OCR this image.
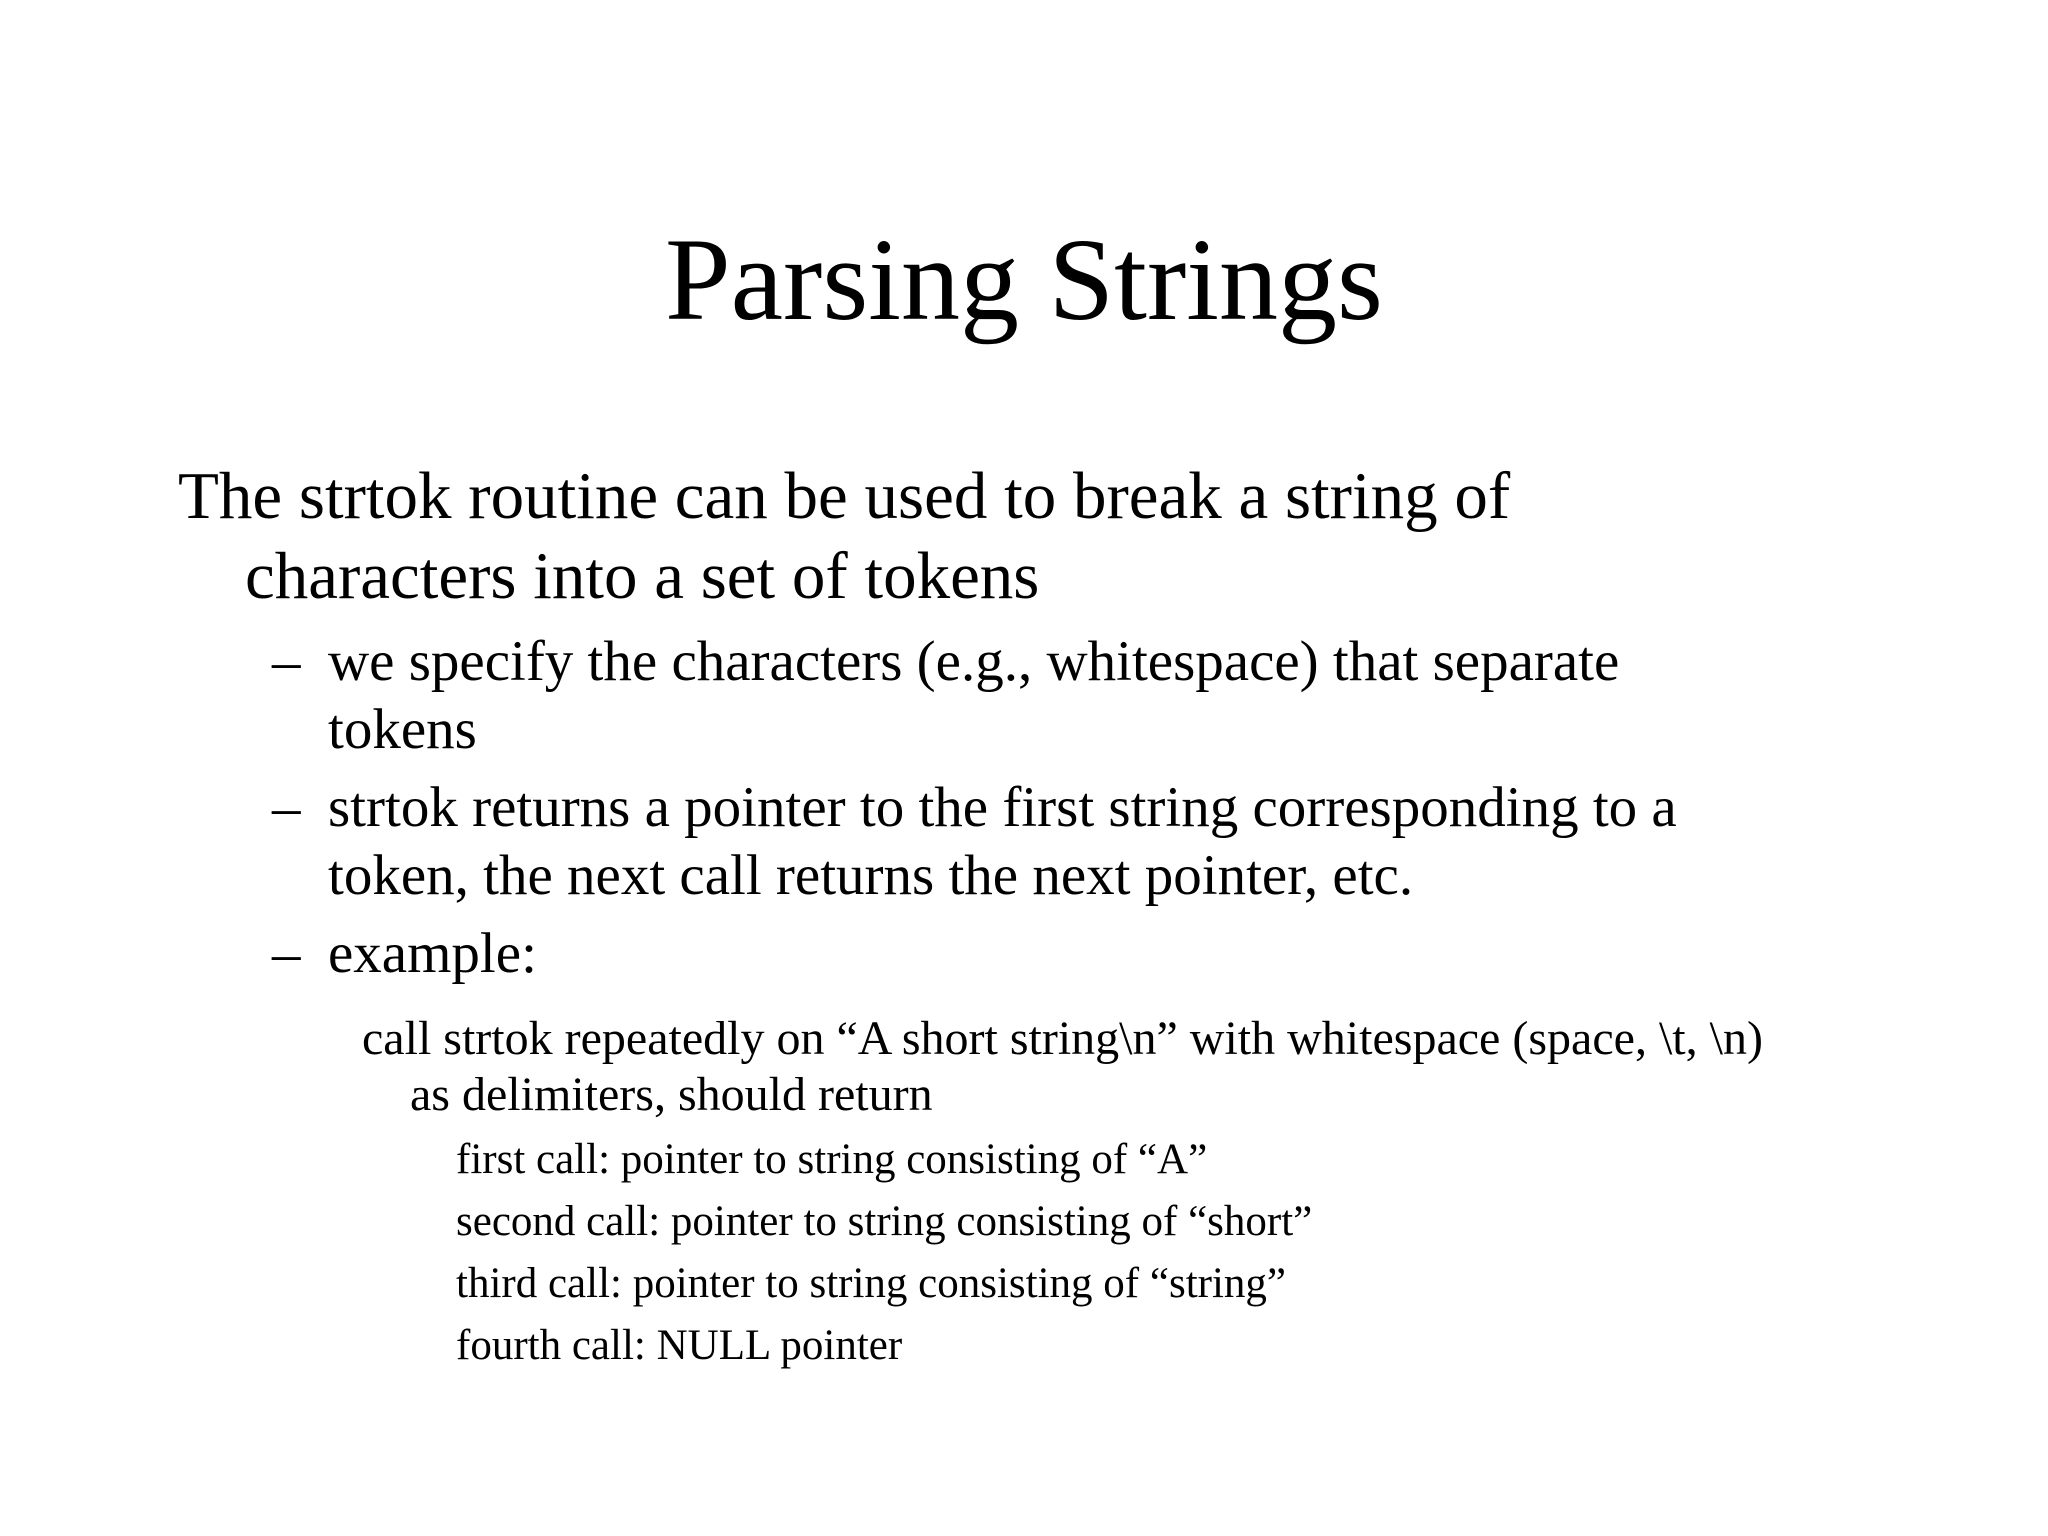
Parsing Strings
The strtok routine can be used to break a string of
characters into a set of tokens
– we specify the characters (e.g., whitespace) that separate
tokens
– strtok returns a pointer to the first string corresponding to a
token, the next call returns the next pointer, etc.
– example:
call strtok repeatedly on “A short string\n” with whitespace (space, \t, \n)
as delimiters, should return
first call: pointer to string consisting of “A”
second call: pointer to string consisting of “short”
third call: pointer to string consisting of “string”
fourth call: NULL pointer
